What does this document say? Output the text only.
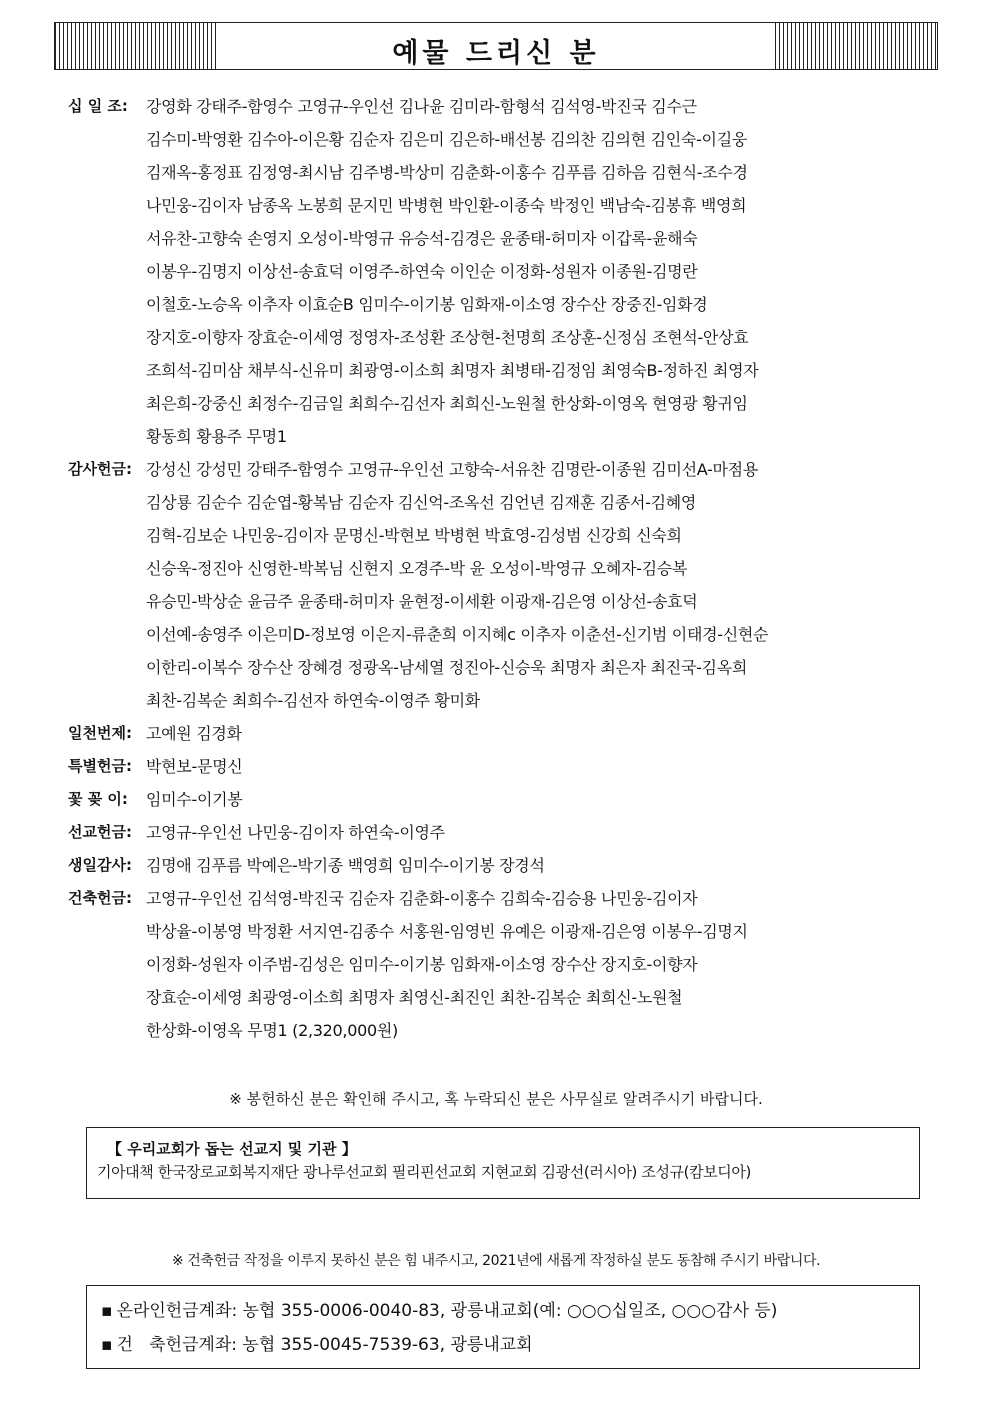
예물 드리신 분
십 일 조:	강영화 강태주-함영수 고영규-우인선 김나윤 김미라-함형석 김석영-박진국 김수근
김수미-박영환 김수아-이은황 김순자 김은미 김은하-배선봉 김의찬 김의현 김인숙-이길웅
김재옥-홍정표 김정영-최시남 김주병-박상미 김춘화-이홍수 김푸름 김하음 김현식-조수경
나민웅-김이자 남종옥 노봉희 문지민 박병현 박인환-이종숙 박정인 백남숙-김봉휴 백영희
서유찬-고향숙 손영지 오성이-박영규 유승석-김경은 윤종태-허미자 이갑록-윤해숙
이봉우-김명지 이상선-송효덕 이영주-하연숙 이인순 이정화-성원자 이종원-김명란
이철호-노승옥 이추자 이효순B 임미수-이기봉 임화재-이소영 장수산 장중진-임화경
장지호-이향자 장효순-이세영 정영자-조성환 조상현-천명희 조상훈-신정심 조현석-안상효
조희석-김미삼 채부식-신유미 최광영-이소희 최명자 최병태-김정임 최영숙B-정하진 최영자
최은희-강중신 최정수-김금일 최희수-김선자 최희신-노원철 한상화-이영옥 현영광 황귀임
황동희 황용주 무명1
감사헌금: 강성신 강성민 강태주-함영수 고영규-우인선 고향숙-서유찬 김명란-이종원 김미선A-마점용
김상룡 김순수 김순엽-황복남 김순자 김신억-조옥선 김언년 김재훈 김종서-김혜영
김혁-김보순 나민웅-김이자 문명신-박현보 박병현 박효영-김성범 신강희 신숙희
신승욱-정진아 신영한-박복님 신현지 오경주-박 윤 오성이-박영규 오혜자-김승복
유승민-박상순 윤금주 윤종태-허미자 윤현정-이세환 이광재-김은영 이상선-송효덕
이선예-송영주 이은미D-정보영 이은지-류춘희 이지혜c 이추자 이춘선-신기범 이태경-신현순
이한리-이복수 장수산 장혜경 정광옥-남세열 정진아-신승욱 최명자 최은자 최진국-김옥희
최찬-김복순 최희수-김선자 하연숙-이영주 황미화
일천번제: 고예원 김경화
특별헌금: 박현보-문명신
꽃 꽂 이:	임미수-이기봉
선교헌금: 고영규-우인선 나민웅-김이자 하연숙-이영주
생일감사: 김명애 김푸름 박예은-박기종 백영희 임미수-이기봉 장경석
건축헌금: 고영규-우인선 김석영-박진국 김순자 김춘화-이홍수 김희숙-김승용 나민웅-김이자
박상율-이봉영 박정환 서지연-김종수 서홍원-임영빈 유예은 이광재-김은영 이봉우-김명지
이정화-성원자 이주범-김성은 임미수-이기봉 임화재-이소영 장수산 장지호-이향자
장효순-이세영 최광영-이소희 최명자 최영신-최진인 최찬-김복순 최희신-노원철
한상화-이영옥 무명1 (2,320,000원)
※ 봉헌하신 분은 확인해 주시고, 혹 누락되신 분은 사무실로 알려주시기 바랍니다.
【 우리교회가 돕는 선교지 및 기관 】
기아대책 한국장로교회복지재단 광나루선교회 필리핀선교회 지현교회 김광선(러시아) 조성규(캄보디아)
※ 건축헌금 작정을 이루지 못하신 분은 힘 내주시고, 2021년에 새롭게 작정하실 분도 동참해 주시기 바랍니다.
▪ 온라인헌금계좌: 농협 355-0006-0040-83, 광릉내교회(예: ○○○십일조, ○○○감사 등)
▪ 건   축헌금계좌: 농협 355-0045-7539-63, 광릉내교회
